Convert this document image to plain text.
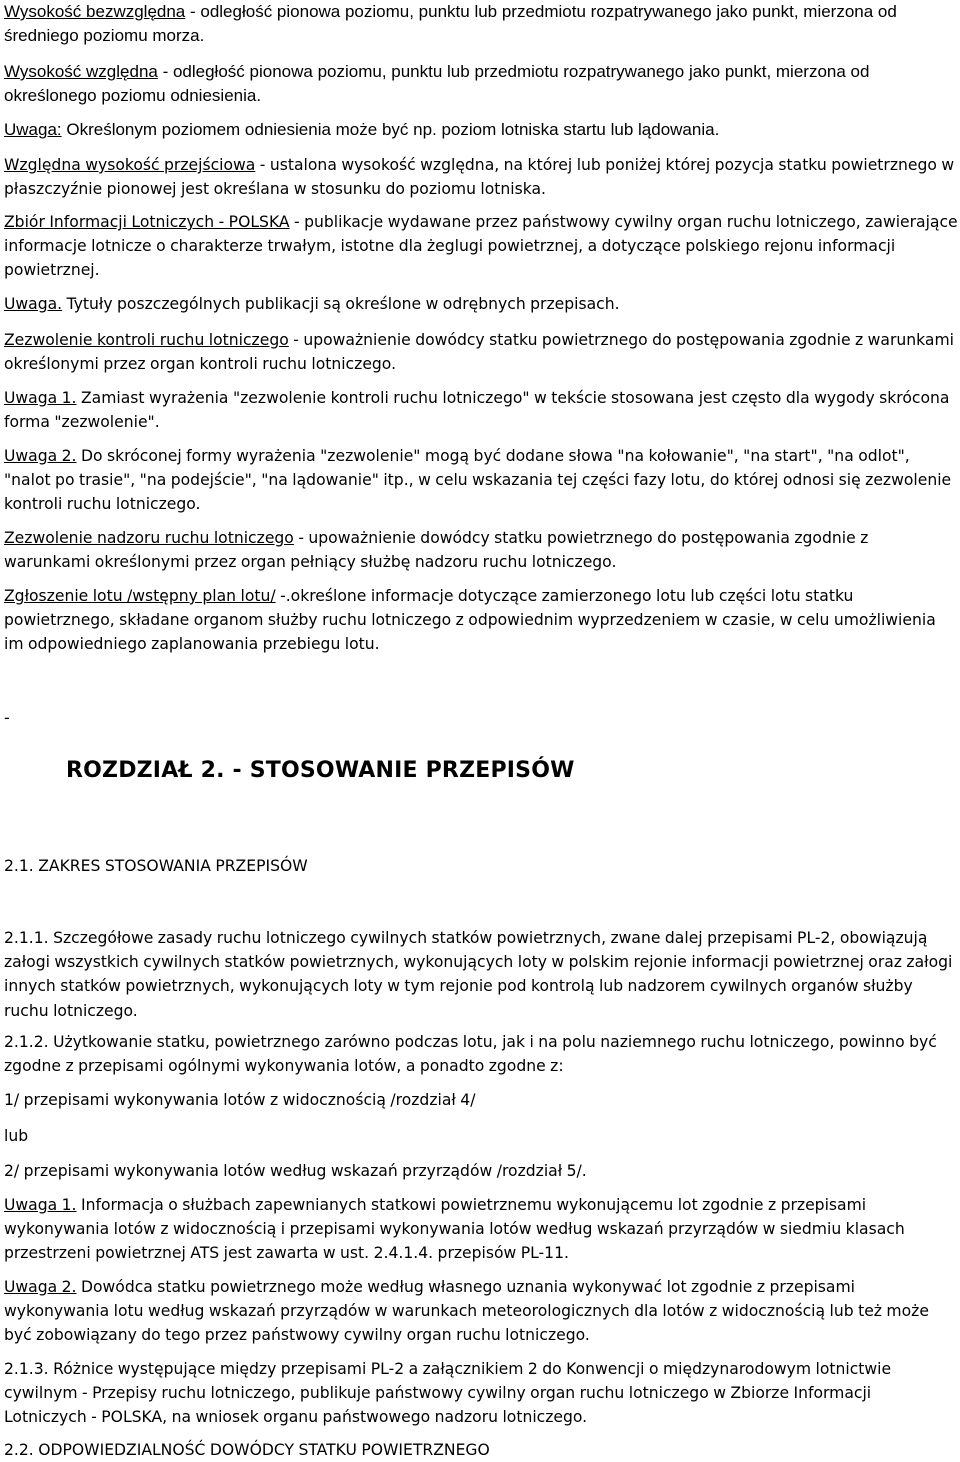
Wysokość bezwzględna - odległość pionowa poziomu, punktu lub przedmiotu rozpatrywanego jako punkt, mierzona od średniego poziomu morza.
Wysokość względna - odległość pionowa poziomu, punktu lub przedmiotu rozpatrywanego jako punkt, mierzona od określonego poziomu odniesienia.
Uwaga: Określonym poziomem odniesienia może być np. poziom lotniska startu lub lądowania.
Względna wysokość przejściowa - ustalona wysokość względna, na której lub poniżej której pozycja statku powietrznego w płaszczyźnie pionowej jest określana w stosunku do poziomu lotniska.
Zbiór Informacji Lotniczych - POLSKA - publikacje wydawane przez państwowy cywilny organ ruchu lotniczego, zawierające informacje lotnicze o charakterze trwałym, istotne dla żeglugi powietrznej, a dotyczące polskiego rejonu informacji powietrznej.
Uwaga. Tytuły poszczególnych publikacji są określone w odrębnych przepisach.
Zezwolenie kontroli ruchu lotniczego - upoważnienie dowódcy statku powietrznego do postępowania zgodnie z warunkami określonymi przez organ kontroli ruchu lotniczego.
Uwaga 1. Zamiast wyrażenia "zezwolenie kontroli ruchu lotniczego" w tekście stosowana jest często dla wygody skrócona forma "zezwolenie".
Uwaga 2. Do skróconej formy wyrażenia "zezwolenie" mogą być dodane słowa "na kołowanie", "na start", "na odlot", "nalot po trasie", "na podejście", "na lądowanie" itp., w celu wskazania tej części fazy lotu, do której odnosi się zezwolenie kontroli ruchu lotniczego.
Zezwolenie nadzoru ruchu lotniczego - upoważnienie dowódcy statku powietrznego do postępowania zgodnie z warunkami określonymi przez organ pełniący służbę nadzoru ruchu lotniczego.
Zgłoszenie lotu /wstępny plan lotu/ -.określone informacje dotyczące zamierzonego lotu lub części lotu statku powietrznego, składane organom służby ruchu lotniczego z odpowiednim wyprzedzeniem w czasie, w celu umożliwienia im odpowiedniego zaplanowania przebiegu lotu.
-
ROZDZIAŁ 2. - STOSOWANIE PRZEPISÓW
2.1. ZAKRES STOSOWANIA PRZEPISÓW
2.1.1. Szczegółowe zasady ruchu lotniczego cywilnych statków powietrznych, zwane dalej przepisami PL-2, obowiązują załogi wszystkich cywilnych statków powietrznych, wykonujących loty w polskim rejonie informacji powietrznej oraz załogi innych statków powietrznych, wykonujących loty w tym rejonie pod kontrolą lub nadzorem cywilnych organów służby ruchu lotniczego.
2.1.2. Użytkowanie statku, powietrznego zarówno podczas lotu, jak i na polu naziemnego ruchu lotniczego, powinno być zgodne z przepisami ogólnymi wykonywania lotów, a ponadto zgodne z:
1/ przepisami wykonywania lotów z widocznością /rozdział 4/
lub
2/ przepisami wykonywania lotów według wskazań przyrządów /rozdział 5/.
Uwaga 1. Informacja o służbach zapewnianych statkowi powietrznemu wykonującemu lot zgodnie z przepisami wykonywania lotów z widocznością i przepisami wykonywania lotów według wskazań przyrządów w siedmiu klasach przestrzeni powietrznej ATS jest zawarta w ust. 2.4.1.4. przepisów PL-11.
Uwaga 2. Dowódca statku powietrznego może według własnego uznania wykonywać lot zgodnie z przepisami wykonywania lotu według wskazań przyrządów w warunkach meteorologicznych dla lotów z widocznością lub też może być zobowiązany do tego przez państwowy cywilny organ ruchu lotniczego.
2.1.3. Różnice występujące między przepisami PL-2 a załącznikiem 2 do Konwencji o międzynarodowym lotnictwie cywilnym - Przepisy ruchu lotniczego, publikuje państwowy cywilny organ ruchu lotniczego w Zbiorze Informacji Lotniczych - POLSKA, na wniosek organu państwowego nadzoru lotniczego.
2.2. ODPOWIEDZIALNOŚĆ DOWÓDCY STATKU POWIETRZNEGO
